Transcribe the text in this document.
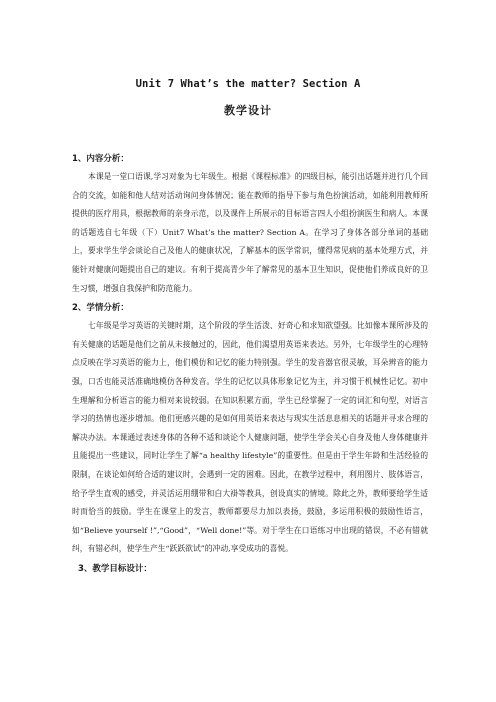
Unit 7 What’s the matter? Section A
教学设计

1、内容分析：

本课是一堂口语课,学习对象为七年级生。根据《课程标准》的四级目标，能引出话题并进行几个回合的交流，如能和他人结对活动询问身体情况；能在教师的指导下参与角色扮演活动，如能利用教师所提供的医疗用具，根据教师的亲身示范，以及课件上所展示的目标语言四人小组扮演医生和病人。本课的话题选自七年级（下）Unit7 What’s the matter? Section A。在学习了身体各部分单词的基础上，要求学生学会谈论自己及他人的健康状况，了解基本的医学常识，懂得常见病的基本处理方式，并能针对健康问题提出自己的建议。有利于提高青少年了解常见的基本卫生知识，促使他们养成良好的卫生习惯，增强自我保护和防范能力。

2、学情分析：

七年级是学习英语的关键时期，这个阶段的学生活泼、好奇心和求知欲望强。比如像本课所涉及的有关健康的话题是他们之前从未接触过的，因此，他们渴望用英语来表达。另外，七年级学生的心理特点反映在学习英语的能力上，他们模仿和记忆的能力特别强。学生的发音器官很灵敏，耳朵辨音的能力强，口舌也能灵活准确地模仿各种发音。学生的记忆以具体形象记忆为主，并习惯于机械性记忆。初中生理解和分析语言的能力相对来说较弱。在知识积累方面，学生已经掌握了一定的词汇和句型，对语言学习的热情也逐步增加。他们更感兴趣的是如何用英语来表达与现实生活息息相关的话题并寻求合理的解决办法。本课通过表述身体的各种不适和谈论个人健康问题，使学生学会关心自身及他人身体健康并且能提出一些建议，同时让学生了解“a healthy lifestyle”的重要性。但是由于学生年龄和生活经验的限制，在谈论如何给合适的建议时，会遇到一定的困难。因此，在教学过程中，利用图片、肢体语言，给予学生直观的感受，并灵活运用绷带和白大褂等教具，创设真实的情境。除此之外，教师要给学生适时而恰当的鼓励。学生在课堂上的发言，教师都要尽力加以表扬，鼓励，多运用积极的鼓励性语言，如“Believe yourself !”,“Good”，“Well done!”等。对于学生在口语练习中出现的错误，不必有错就纠，有错必纠，使学生产生“跃跃欲试”的冲动,享受成功的喜悦。

3、教学目标设计：
